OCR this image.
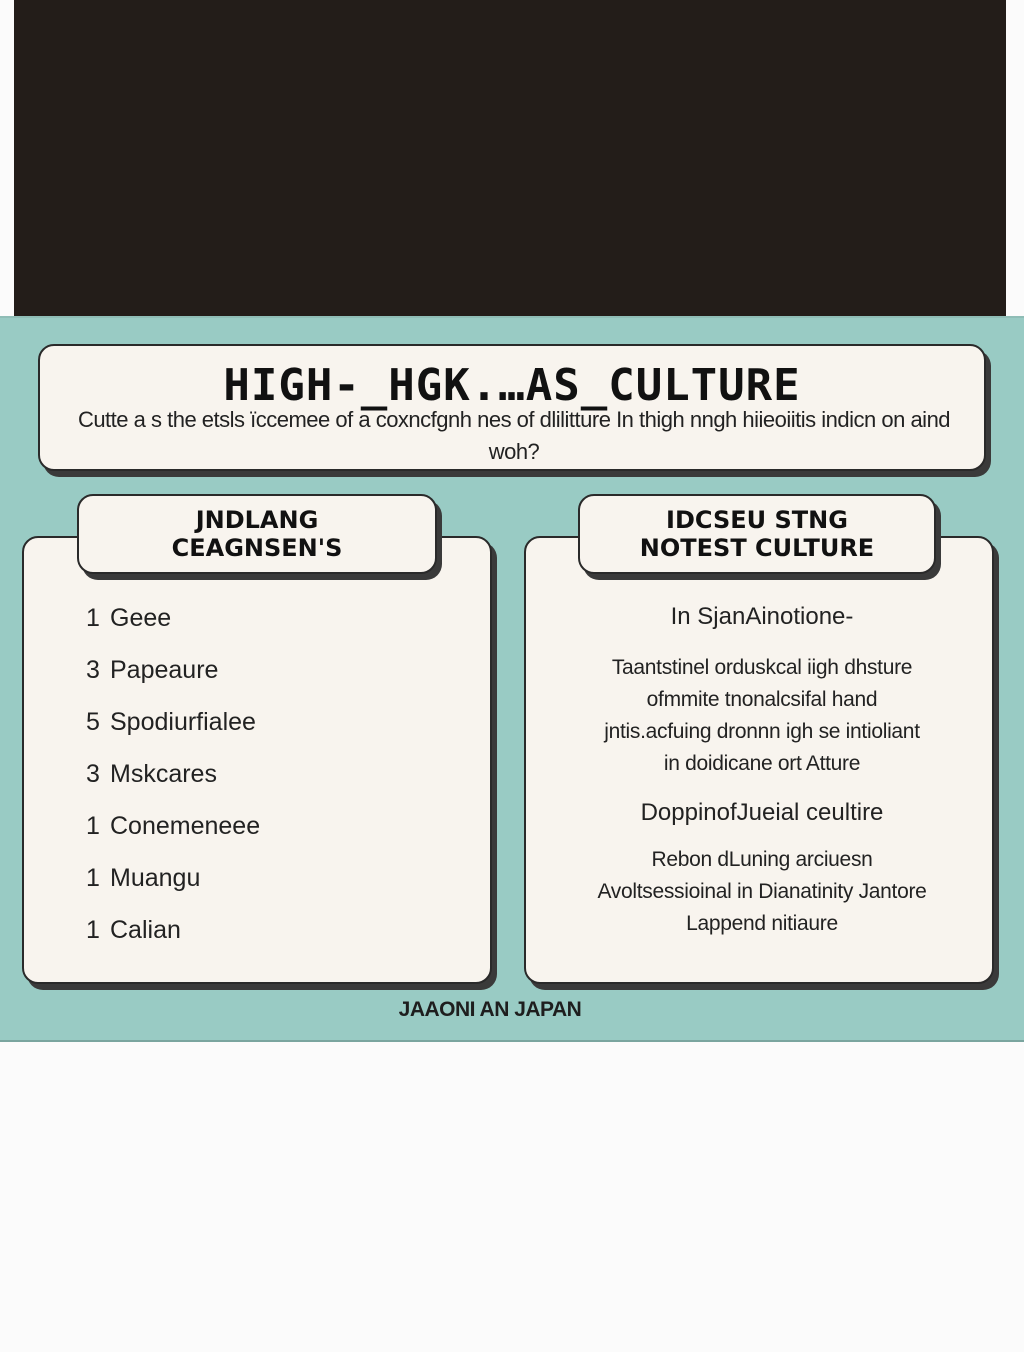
HIGH-_HGK.…AS_CULTURE
Cutte a s the etsls ïccemee of a coxncfgnh nes of dlilitture In thigh nngh hiieoiitis indicn on aind woh?
JNDLANG
CEAGNSEN'S
1 Geee
3 Papeaure
5 Spodiurfialee
3 Mskcares
1 Conemeneee
1 Muangu
1 Calian
IDCSEU STNG
NOTEST CULTURE

In SjanAinotione-

Taantstinel orduskcal iigh dhsture

ofmmite tnonalcsifal hand

jntis.acfuing dronnn igh se intioliant

in doidicane ort Atture

DoppinofJueial ceultire

Rebon dLuning arciuesn

Avoltsessioinal in Dianatinity Jantore

Lappend nitiaure

JAAONI AN JAPAN
